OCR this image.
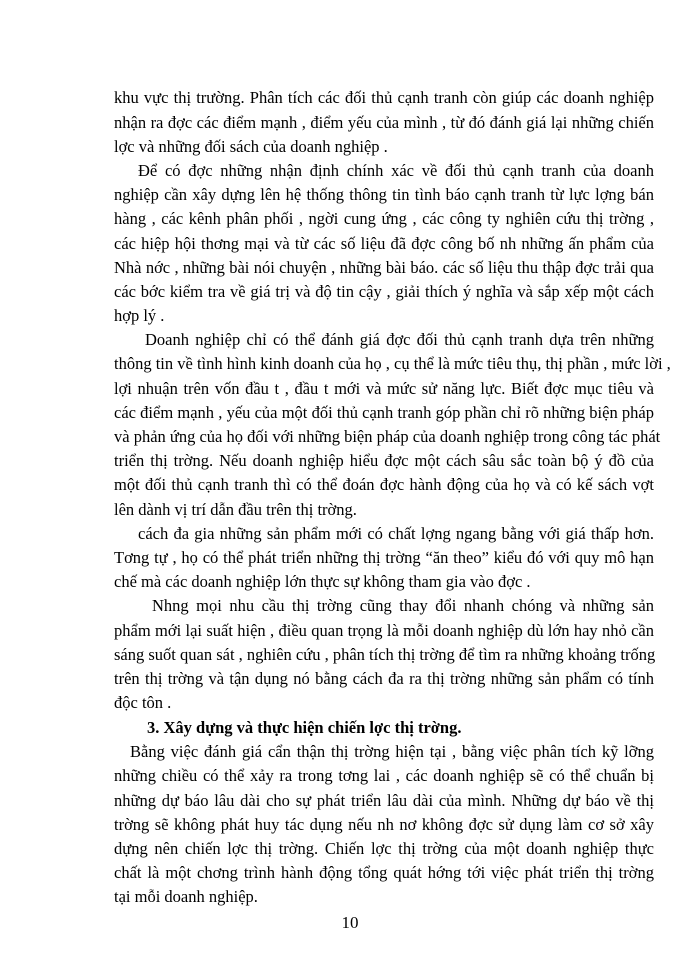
khu vực thị trường. Phân tích các đối thủ cạnh tranh còn giúp các doanh nghiệp
nhận ra đợc các điểm mạnh , điểm yếu của mình , từ đó đánh giá lại những chiến
lợc và những đối sách của doanh nghiệp .
Để có đợc những nhận định chính xác về đối thủ cạnh tranh của doanh
nghiệp cần xây dựng lên hệ thống thông tin tình báo cạnh tranh từ lực lợng bán
hàng , các kênh phân phối , ngời cung ứng , các công ty nghiên cứu thị trờng ,
các hiệp hội thơng mại và từ các số liệu đã đợc công bố nh những ấn phẩm của
Nhà nớc , những bài nói chuyện , những bài báo. các số liệu thu thập đợc trải qua
các bớc kiểm tra về giá trị và độ tin cậy , giải thích ý nghĩa và sắp xếp một cách
hợp lý .
Doanh nghiệp chỉ có thể đánh giá đợc đối thủ cạnh tranh dựa trên những
thông tin về tình hình kinh doanh của họ , cụ thể là mức tiêu thụ, thị phần , mức lời ,
lợi nhuận trên vốn đầu t , đầu t mới và mức sử năng lực. Biết đợc mục tiêu và
các điểm mạnh , yếu của một đối thủ cạnh tranh góp phần chỉ rõ những biện pháp
và phản ứng của họ đối với những biện pháp của doanh nghiệp trong công tác phát
triển thị trờng. Nếu doanh nghiệp hiểu đợc một cách sâu sắc toàn bộ ý đồ của
một đối thủ cạnh tranh thì có thể đoán đợc hành động của họ và có kế sách vợt
lên dành vị trí dẫn đầu trên thị trờng.
cách đa gia những sản phẩm mới có chất lợng ngang bằng với giá thấp hơn.
Tơng tự , họ có thể phát triển những thị trờng “ăn theo” kiểu đó với quy mô hạn
chế mà các doanh nghiệp lớn thực sự không tham gia vào đợc .
Nhng mọi nhu cầu thị trờng cũng thay đổi nhanh chóng và những sản
phẩm mới lại suất hiện , điều quan trọng là mỗi doanh nghiệp dù lớn hay nhỏ cần
sáng suốt quan sát , nghiên cứu , phân tích thị trờng để tìm ra những khoảng trống
trên thị trờng và tận dụng nó bằng cách đa ra thị trờng những sản phẩm có tính
độc tôn .
3. Xây dựng và thực hiện chiến lợc thị trờng.
Bằng việc đánh giá cẩn thận thị trờng hiện tại , bằng việc phân tích kỹ lỡng
những chiều có thể xảy ra trong tơng lai , các doanh nghiệp sẽ có thể chuẩn bị
những dự báo lâu dài cho sự phát triển lâu dài của mình. Những dự báo về thị
trờng sẽ không phát huy tác dụng nếu nh nơ không đợc sử dụng làm cơ sở xây
dựng nên chiến lợc thị trờng. Chiến lợc thị trờng của một doanh nghiệp thực
chất là một chơng trình hành động tổng quát hớng tới việc phát triển thị trờng
tại mỗi doanh nghiệp.
10
